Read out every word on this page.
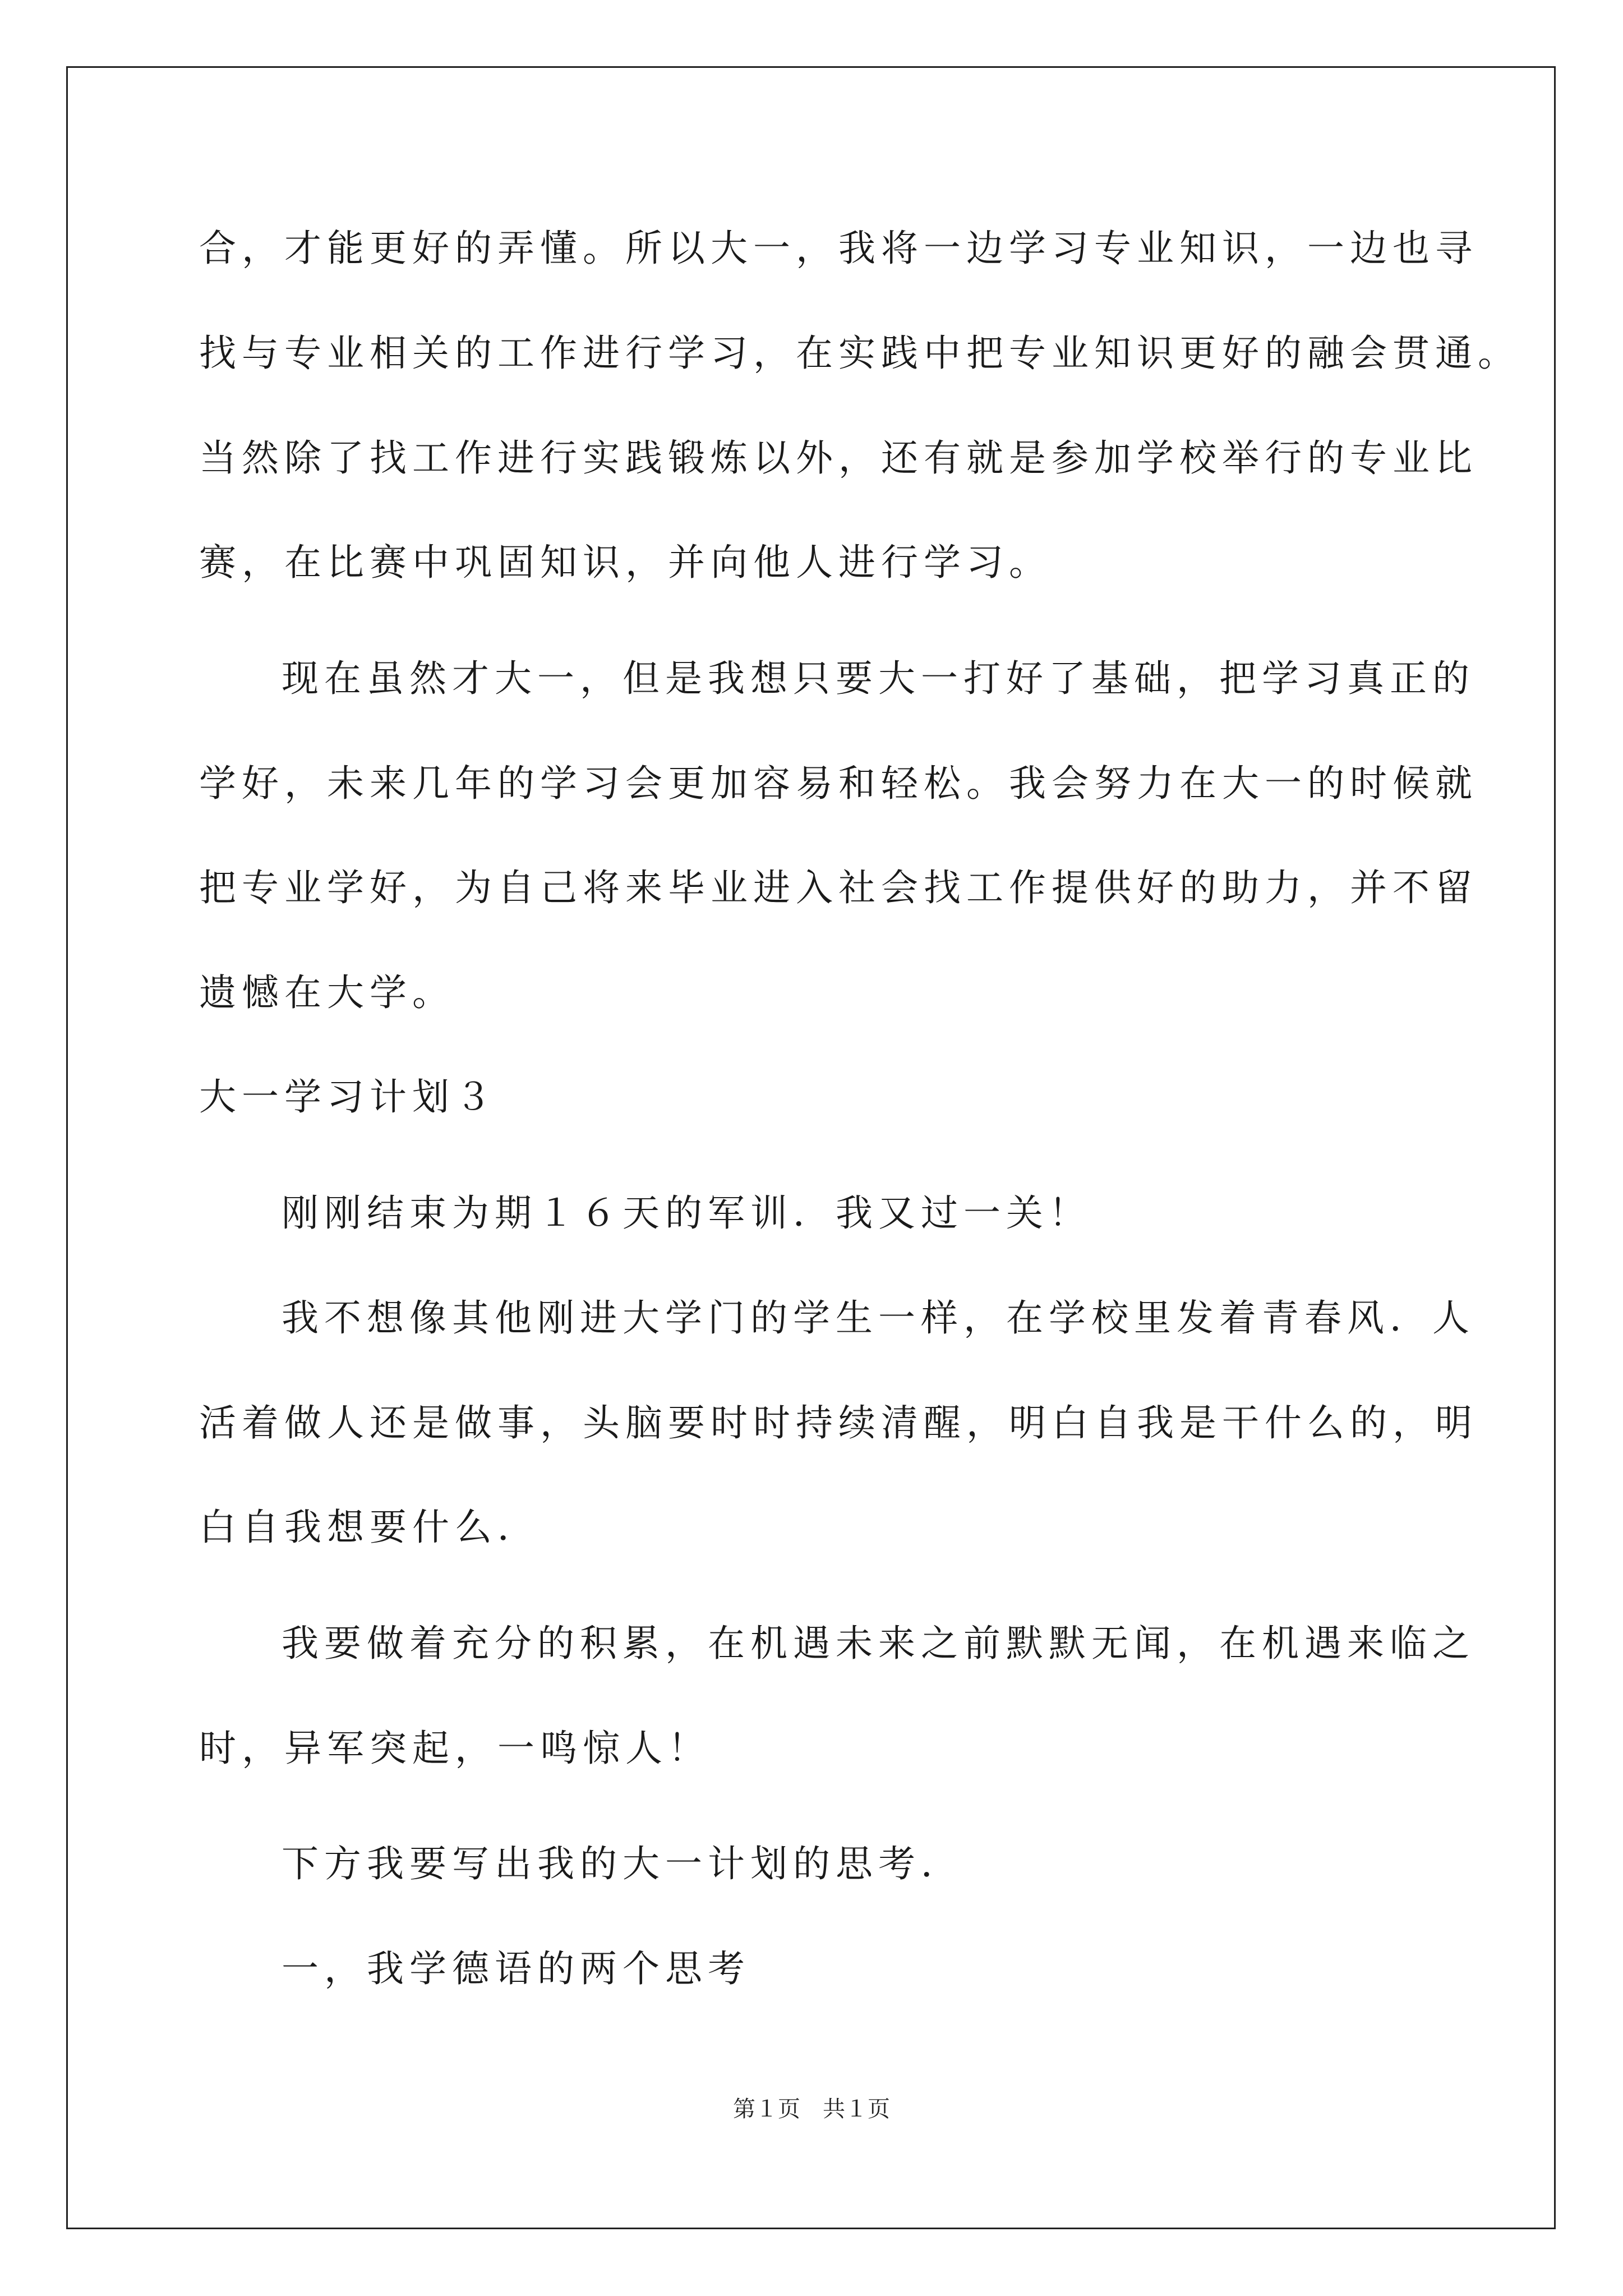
合，才能更好的弄懂。所以大一，我将一边学习专业知识，一边也寻
找与专业相关的工作进行学习，在实践中把专业知识更好的融会贯通。
当然除了找工作进行实践锻炼以外，还有就是参加学校举行的专业比
赛，在比赛中巩固知识，并向他人进行学习。
现在虽然才大一，但是我想只要大一打好了基础，把学习真正的
学好，未来几年的学习会更加容易和轻松。我会努力在大一的时候就
把专业学好，为自己将来毕业进入社会找工作提供好的助力，并不留
遗憾在大学。
大一学习计划３
刚刚结束为期１６天的军训．我又过一关！
我不想像其他刚进大学门的学生一样，在学校里发着青春风．人
活着做人还是做事，头脑要时时持续清醒，明白自我是干什么的，明
白自我想要什么．
我要做着充分的积累，在机遇未来之前默默无闻，在机遇来临之
时，异军突起，一鸣惊人！
下方我要写出我的大一计划的思考．
一，我学德语的两个思考
第１页　共１页
